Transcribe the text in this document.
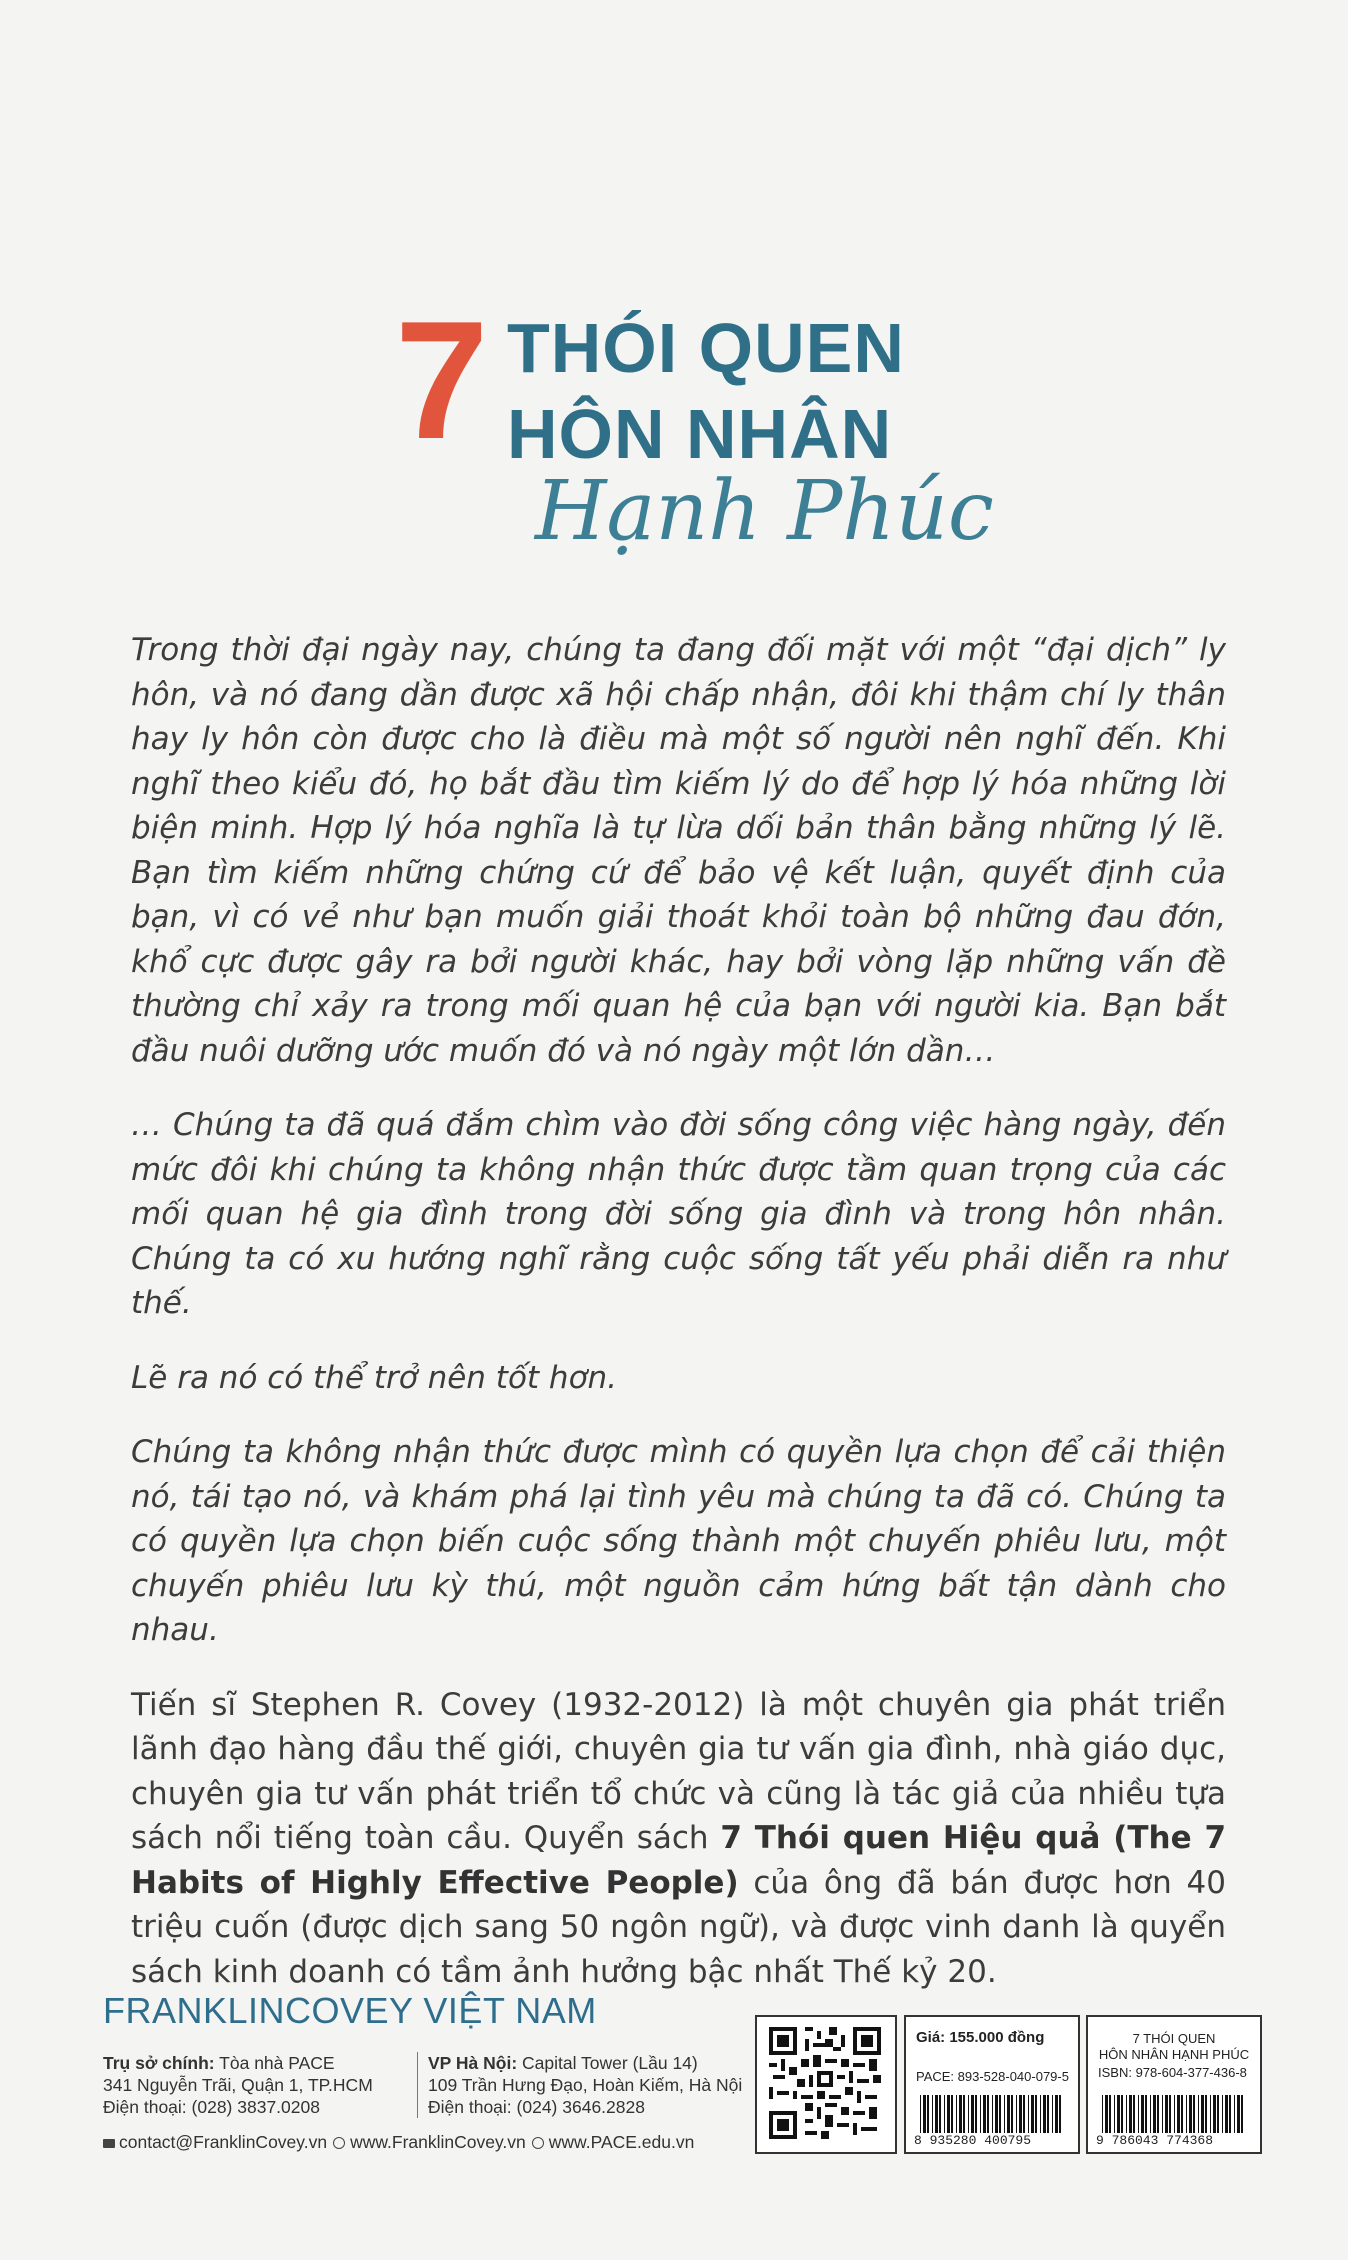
7 THÓI QUEN
HÔN NHÂN
Hạnh Phúc

Trong thời đại ngày nay, chúng ta đang đối mặt với một “đại dịch” ly hôn, và nó đang dần được xã hội chấp nhận, đôi khi thậm chí ly thân hay ly hôn còn được cho là điều mà một số người nên nghĩ đến. Khi nghĩ theo kiểu đó, họ bắt đầu tìm kiếm lý do để hợp lý hóa những lời biện minh. Hợp lý hóa nghĩa là tự lừa dối bản thân bằng những lý lẽ. Bạn tìm kiếm những chứng cứ để bảo vệ kết luận, quyết định của bạn, vì có vẻ như bạn muốn giải thoát khỏi toàn bộ những đau đớn, khổ cực được gây ra bởi người khác, hay bởi vòng lặp những vấn đề thường chỉ xảy ra trong mối quan hệ của bạn với người kia. Bạn bắt đầu nuôi dưỡng ước muốn đó và nó ngày một lớn dần…

… Chúng ta đã quá đắm chìm vào đời sống công việc hàng ngày, đến mức đôi khi chúng ta không nhận thức được tầm quan trọng của các mối quan hệ gia đình trong đời sống gia đình và trong hôn nhân. Chúng ta có xu hướng nghĩ rằng cuộc sống tất yếu phải diễn ra như thế.

Lẽ ra nó có thể trở nên tốt hơn.

Chúng ta không nhận thức được mình có quyền lựa chọn để cải thiện nó, tái tạo nó, và khám phá lại tình yêu mà chúng ta đã có. Chúng ta có quyền lựa chọn biến cuộc sống thành một chuyến phiêu lưu, một chuyến phiêu lưu kỳ thú, một nguồn cảm hứng bất tận dành cho nhau.

Tiến sĩ Stephen R. Covey (1932-2012) là một chuyên gia phát triển lãnh đạo hàng đầu thế giới, chuyên gia tư vấn gia đình, nhà giáo dục, chuyên gia tư vấn phát triển tổ chức và cũng là tác giả của nhiều tựa sách nổi tiếng toàn cầu. Quyển sách 7 Thói quen Hiệu quả (The 7 Habits of Highly Effective People) của ông đã bán được hơn 40 triệu cuốn (được dịch sang 50 ngôn ngữ), và được vinh danh là quyển sách kinh doanh có tầm ảnh hưởng bậc nhất Thế kỷ 20.

FRANKLINCOVEY VIỆT NAM
Trụ sở chính: Tòa nhà PACE
341 Nguyễn Trãi, Quận 1, TP.HCM
Điện thoại: (028) 3837.0208
VP Hà Nội: Capital Tower (Lầu 14)
109 Trần Hưng Đạo, Hoàn Kiếm, Hà Nội
Điện thoại: (024) 3646.2828
contact@FranklinCovey.vn www.FranklinCovey.vn www.PACE.edu.vn
Giá: 155.000 đồng
PACE: 893-528-040-079-5
8 935280 400795
7 THÓI QUEN
HÔN NHÂN HẠNH PHÚC
ISBN: 978-604-377-436-8
9 786043 774368
